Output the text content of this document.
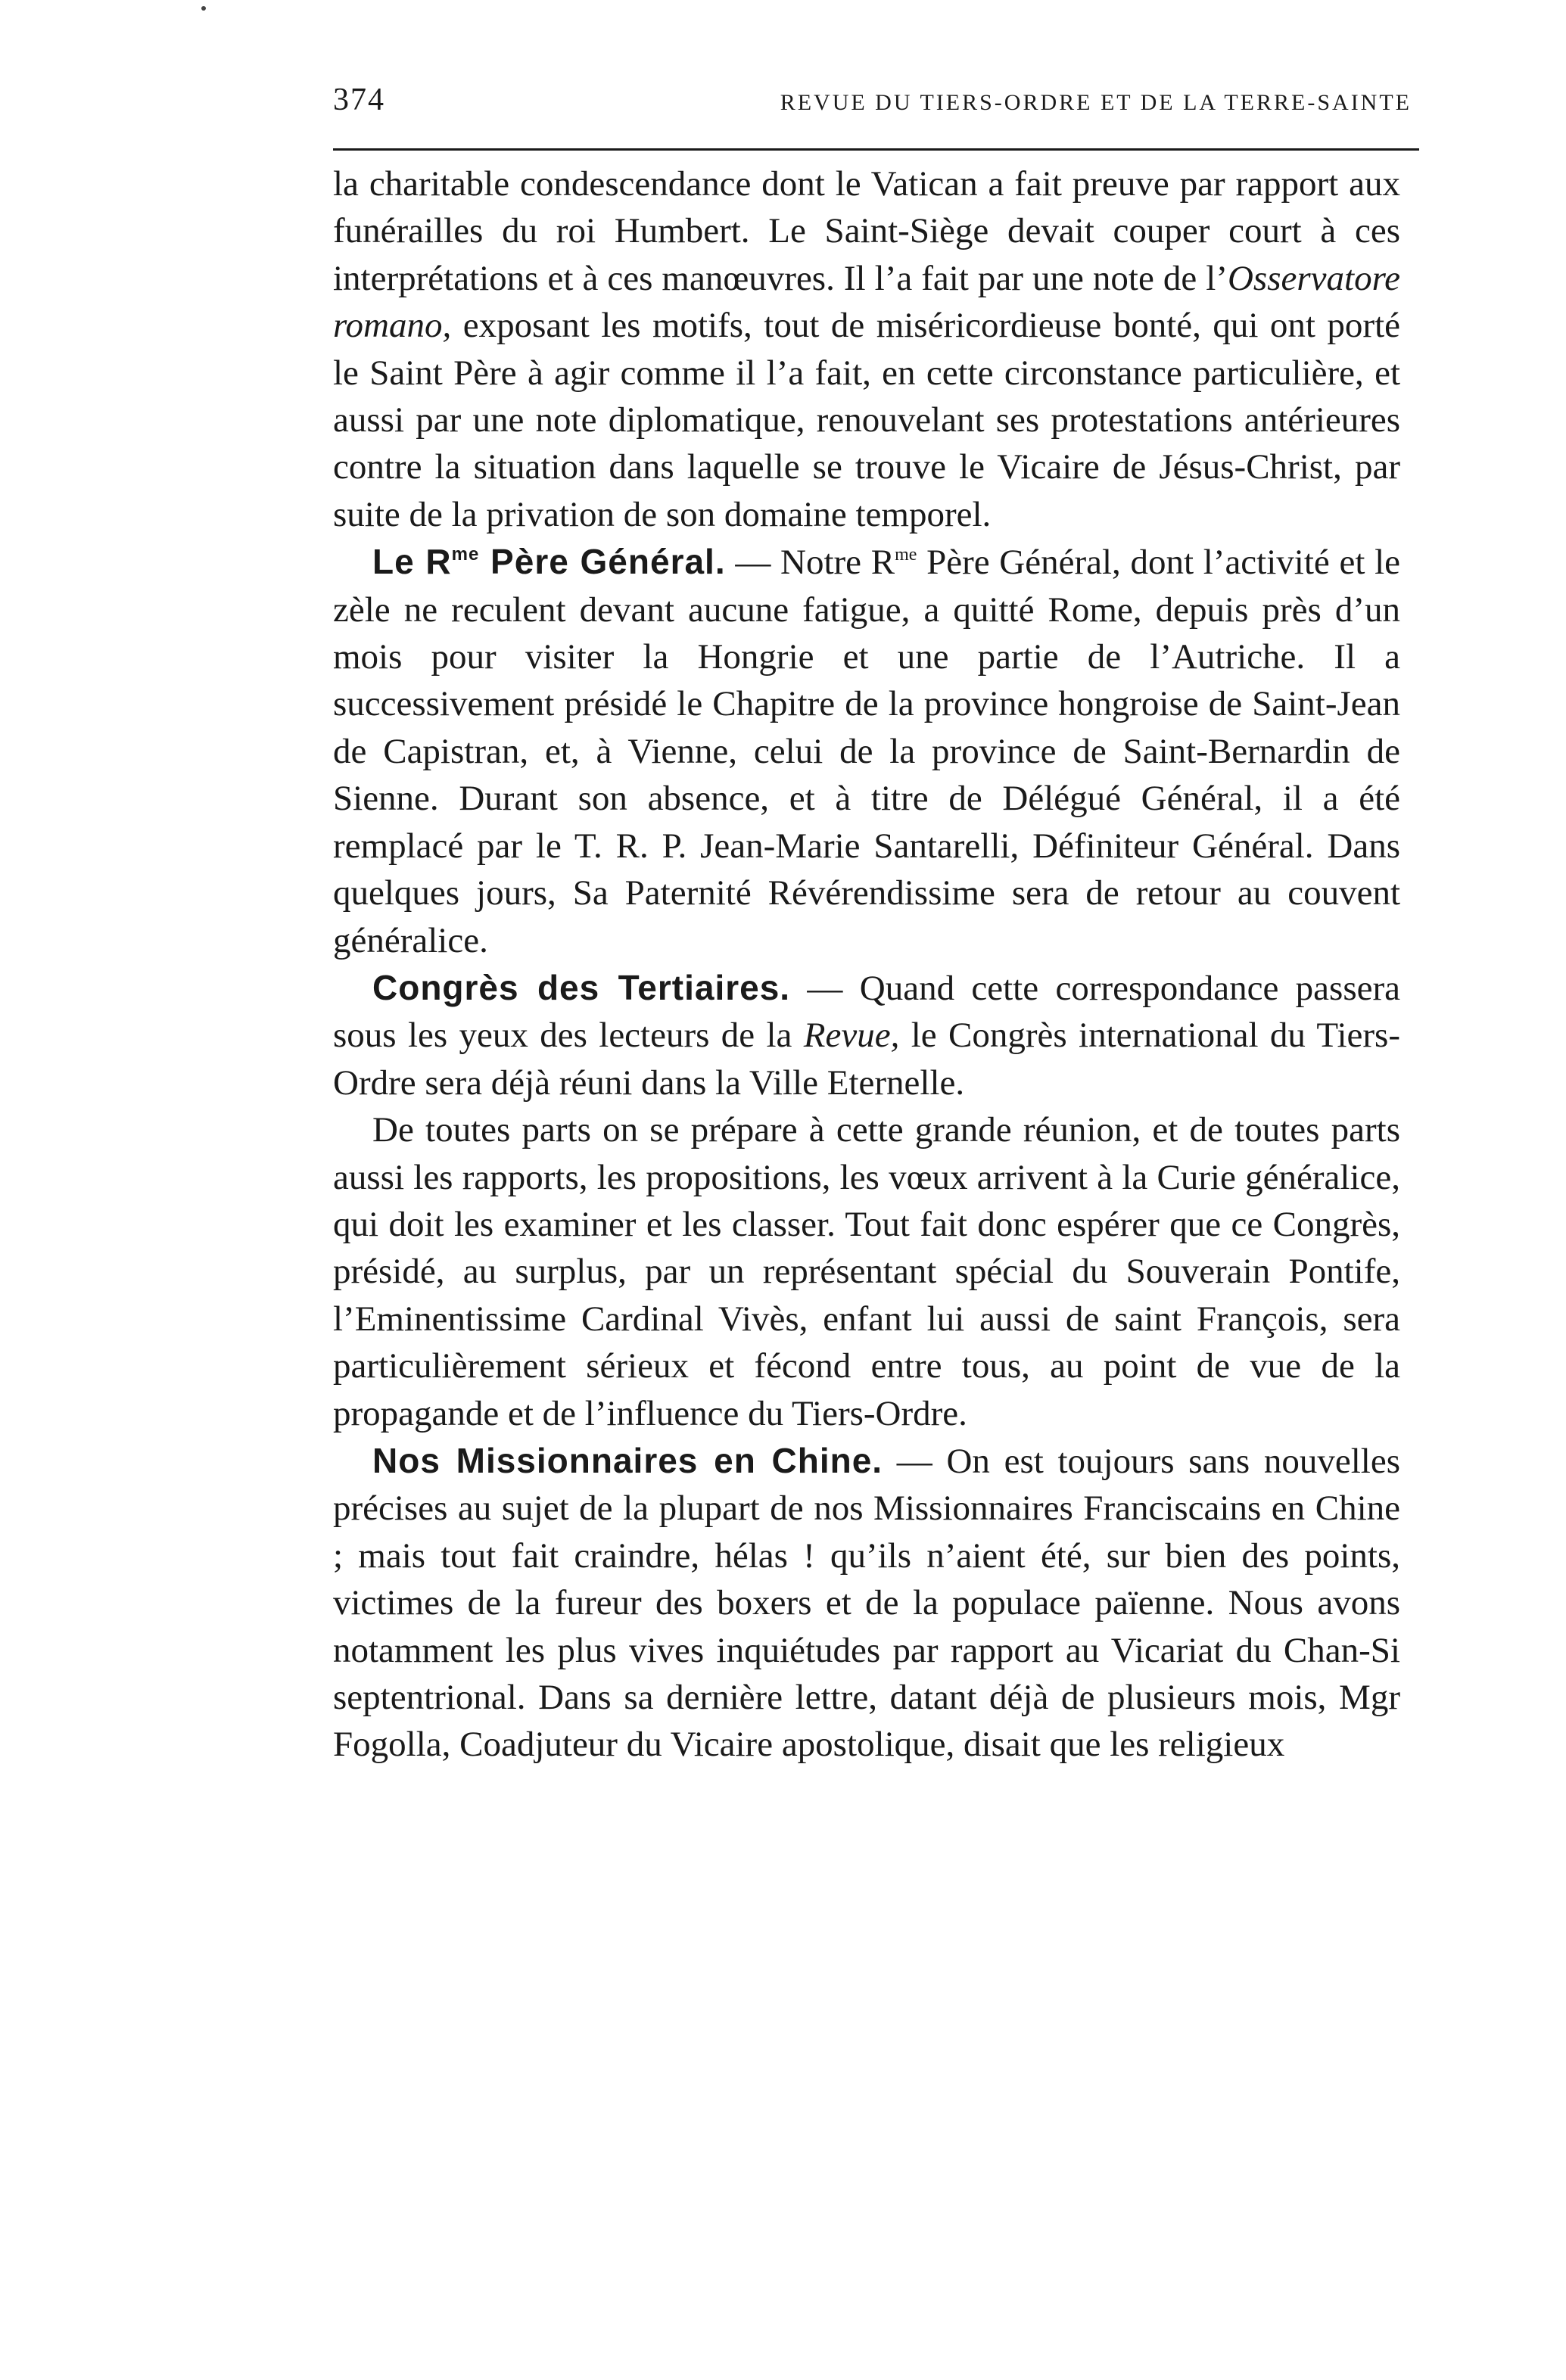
374	REVUE DU TIERS-ORDRE ET DE LA TERRE-SAINTE

la charitable condescendance dont le Vatican a fait preuve par rapport aux funérailles du roi Humbert. Le Saint-Siège devait couper court à ces interprétations et à ces manœuvres. Il l’a fait par une note de l’Osservatore romano, exposant les motifs, tout de miséricordieuse bonté, qui ont porté le Saint Père à agir comme il l’a fait, en cette circonstance particulière, et aussi par une note diplomatique, renouvelant ses protestations antérieures contre la situation dans laquelle se trouve le Vicaire de Jésus-Christ, par suite de la privation de son domaine temporel.

Le $R^{me}$ Père Général. — Notre $R^{me}$ Père Général, dont l’activité et le zèle ne reculent devant aucune fatigue, a quitté Rome, depuis près d’un mois pour visiter la Hongrie et une partie de l’Autriche. Il a successivement présidé le Chapitre de la province hongroise de Saint-Jean de Capistran, et, à Vienne, celui de la province de Saint-Bernardin de Sienne. Durant son absence, et à titre de Délégué Général, il a été remplacé par le T. R. P. Jean-Marie Santarelli, Définiteur Général. Dans quelques jours, Sa Paternité Révérendissime sera de retour au couvent généralice.

Congrès des Tertiaires. — Quand cette correspondance passera sous les yeux des lecteurs de la Revue, le Congrès international du Tiers-Ordre sera déjà réuni dans la Ville Eternelle.

De toutes parts on se prépare à cette grande réunion, et de toutes parts aussi les rapports, les propositions, les vœux arrivent à la Curie généralice, qui doit les examiner et les classer. Tout fait donc espérer que ce Congrès, présidé, au surplus, par un représentant spécial du Souverain Pontife, l’Eminentissime Cardinal Vivès, enfant lui aussi de saint François, sera particulièrement sérieux et fécond entre tous, au point de vue de la propagande et de l’influence du Tiers-Ordre.

Nos Missionnaires en Chine. — On est toujours sans nouvelles précises au sujet de la plupart de nos Missionnaires Franciscains en Chine ; mais tout fait craindre, hélas ! qu’ils n’aient été, sur bien des points, victimes de la fureur des boxers et de la populace païenne. Nous avons notamment les plus vives inquiétudes par rapport au Vicariat du Chan-Si septentrional. Dans sa dernière lettre, datant déjà de plusieurs mois, Mgr Fogolla, Coadjuteur du Vicaire apostolique, disait que les religieux
